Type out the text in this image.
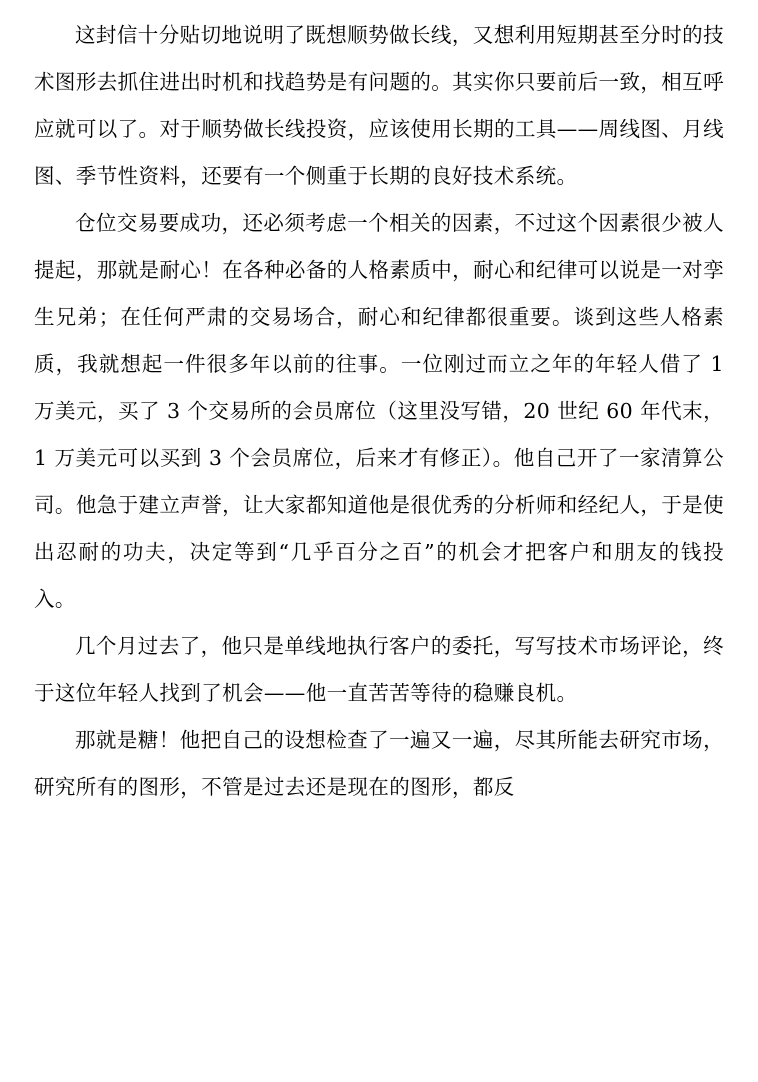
这封信十分贴切地说明了既想顺势做长线，又想利用短期甚至分时的技术图形去抓住进出时机和找趋势是有问题的。其实你只要前后一致，相互呼应就可以了。对于顺势做长线投资，应该使用长期的工具——周线图、月线图、季节性资料，还要有一个侧重于长期的良好技术系统。

仓位交易要成功，还必须考虑一个相关的因素，不过这个因素很少被人提起，那就是耐心！在各种必备的人格素质中，耐心和纪律可以说是一对孪生兄弟；在任何严肃的交易场合，耐心和纪律都很重要。谈到这些人格素质，我就想起一件很多年以前的往事。一位刚过而立之年的年轻人借了 1 万美元，买了 3 个交易所的会员席位（这里没写错，20 世纪 60 年代末，1 万美元可以买到 3 个会员席位，后来才有修正）。他自己开了一家清算公司。他急于建立声誉，让大家都知道他是很优秀的分析师和经纪人，于是使出忍耐的功夫，决定等到“几乎百分之百”的机会才把客户和朋友的钱投入。

几个月过去了，他只是单线地执行客户的委托，写写技术市场评论，终于这位年轻人找到了机会——他一直苦苦等待的稳赚良机。

那就是糖！他把自己的设想检查了一遍又一遍，尽其所能去研究市场，研究所有的图形，不管是过去还是现在的图形，都反
